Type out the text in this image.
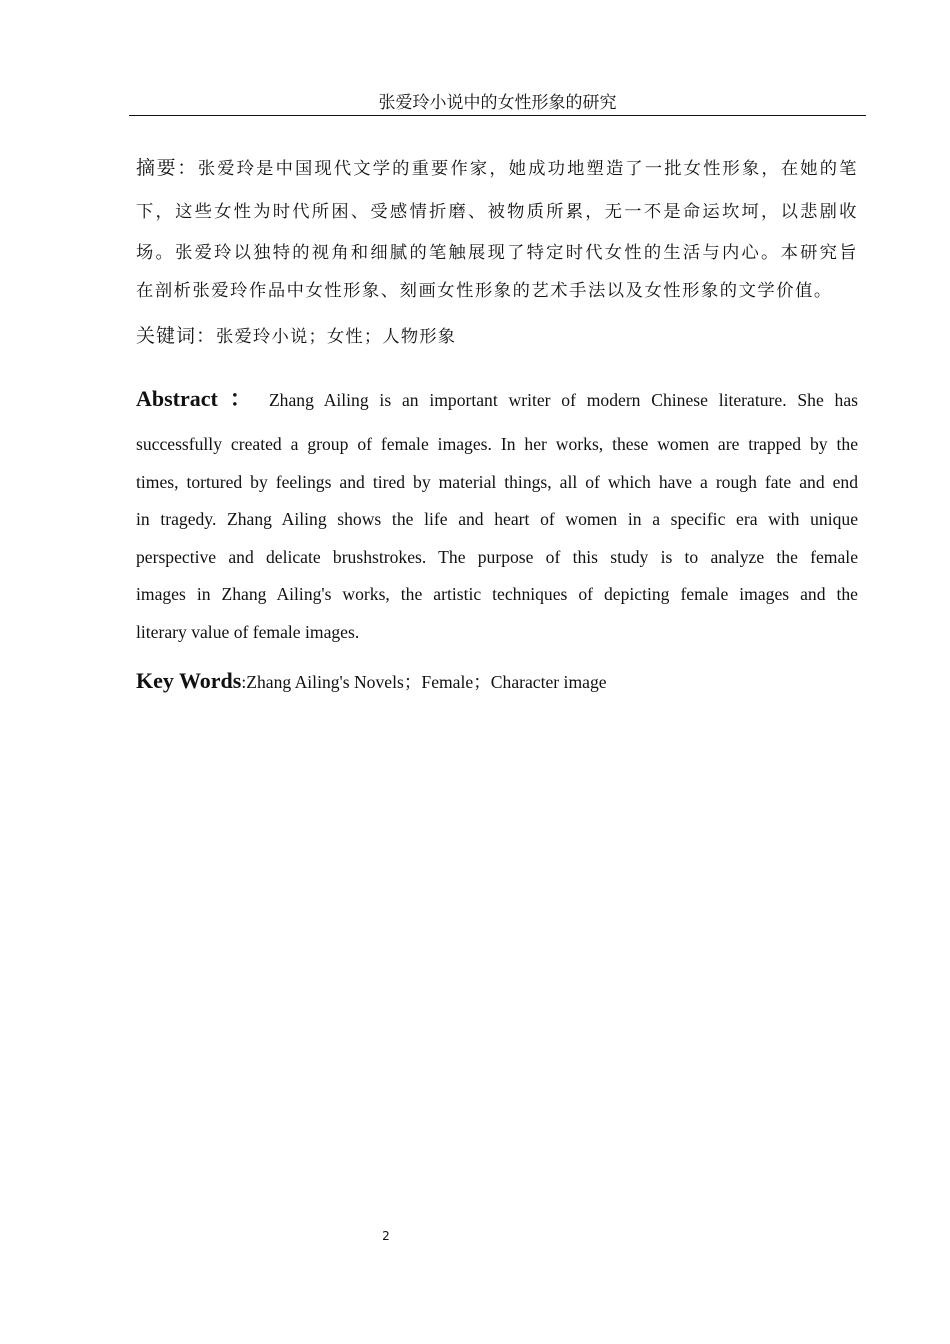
张爱玲小说中的女性形象的研究
摘要：张爱玲是中国现代文学的重要作家，她成功地塑造了一批女性形象，在她的笔
下，这些女性为时代所困、受感情折磨、被物质所累，无一不是命运坎坷，以悲剧收
场。张爱玲以独特的视角和细腻的笔触展现了特定时代女性的生活与内心。本研究旨
在剖析张爱玲作品中女性形象、刻画女性形象的艺术手法以及女性形象的文学价值。
关键词：张爱玲小说；女性；人物形象
Abstract ： Zhang Ailing is an important writer of modern Chinese literature. She has
successfully created a group of female images. In her works, these women are trapped by the
times, tortured by feelings and tired by material things, all of which have a rough fate and end
in tragedy. Zhang Ailing shows the life and heart of women in a specific era with unique
perspective and delicate brushstrokes. The purpose of this study is to analyze the female
images in Zhang Ailing's works, the artistic techniques of depicting female images and the
literary value of female images.
Key Words:Zhang Ailing's Novels；Female；Character image
2
